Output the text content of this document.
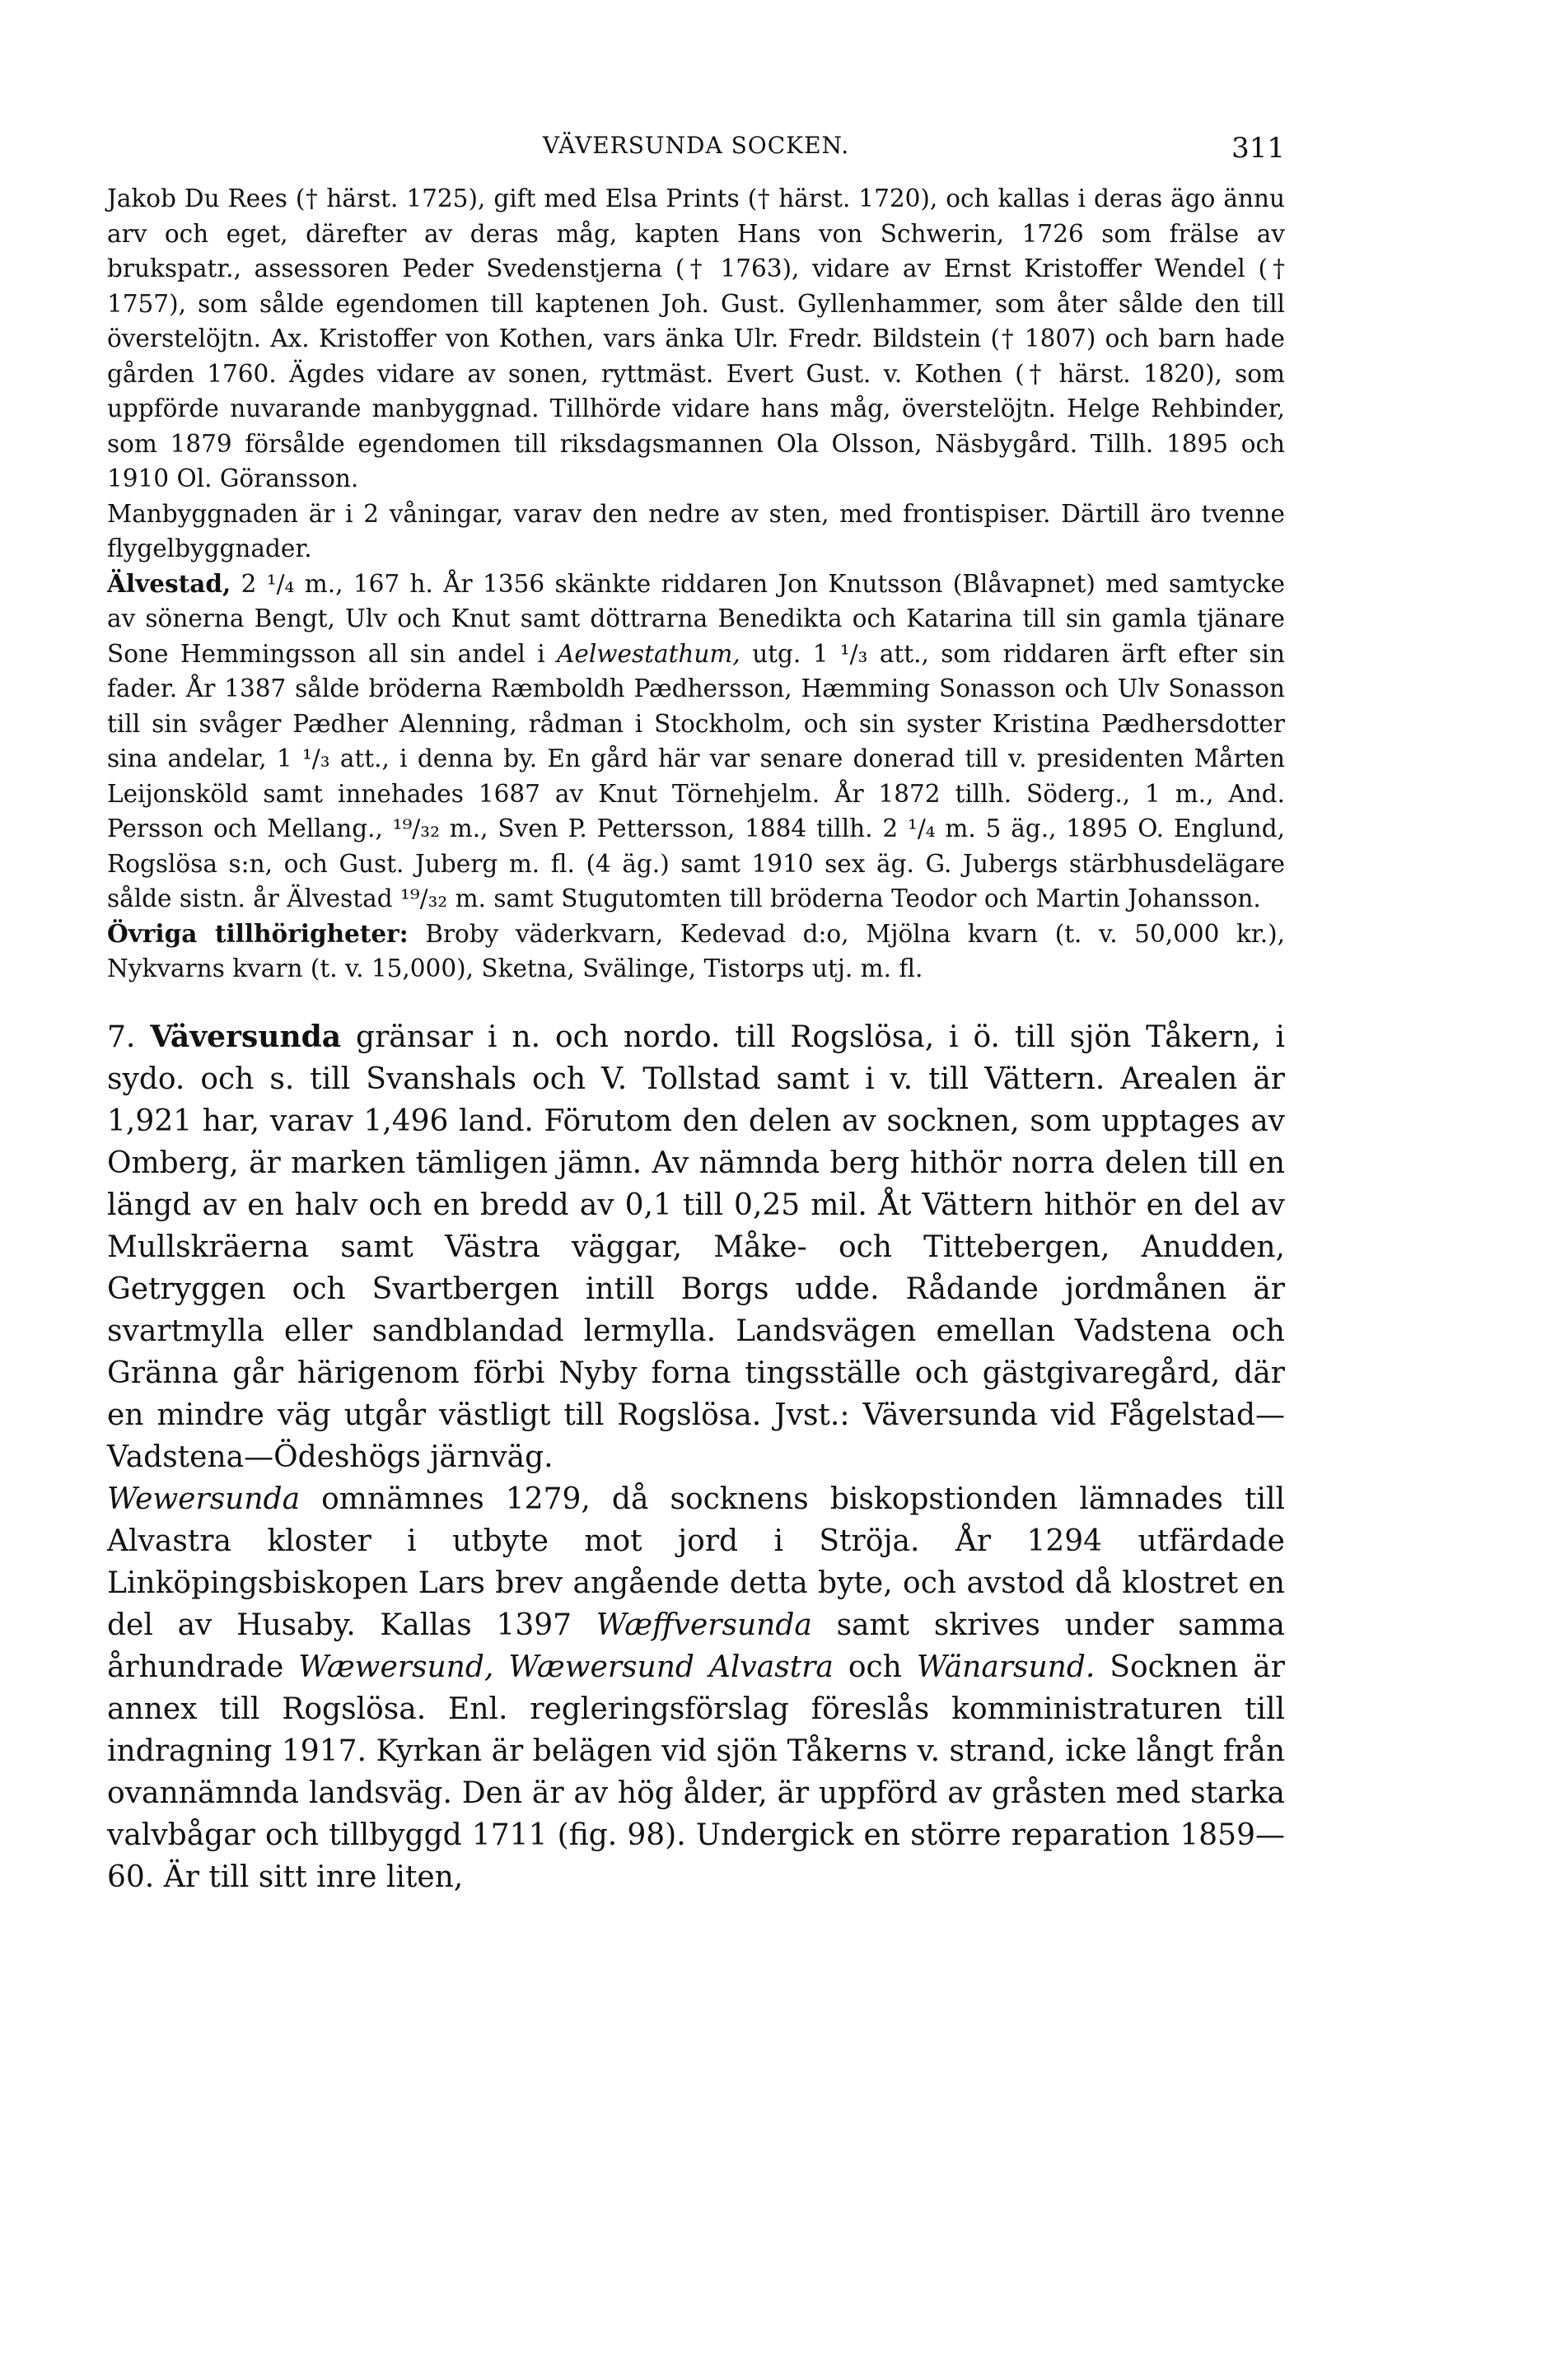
VÄVERSUNDA SOCKEN.	311

Jakob Du Rees († härst. 1725), gift med Elsa Prints († härst. 1720), och kallas i deras ägo ännu arv och eget, därefter av deras måg, kapten Hans von Schwerin, 1726 som frälse av brukspatr., assessoren Peder Svedenstjerna († 1763), vidare av Ernst Kristoffer Wendel († 1757), som sålde egendomen till kaptenen Joh. Gust. Gyllenhammer, som åter sålde den till överstelöjtn. Ax. Kristoffer von Kothen, vars änka Ulr. Fredr. Bildstein († 1807) och barn hade gården 1760. Ägdes vidare av sonen, ryttmäst. Evert Gust. v. Kothen († härst. 1820), som uppförde nuvarande manbyggnad. Tillhörde vidare hans måg, överstelöjtn. Helge Rehbinder, som 1879 försålde egendomen till riksdagsmannen Ola Olsson, Näsbygård. Tillh. 1895 och 1910 Ol. Göransson.

Manbyggnaden är i 2 våningar, varav den nedre av sten, med frontispiser. Därtill äro tvenne flygelbyggnader.

Älvestad, 2 ¹/₄ m., 167 h. År 1356 skänkte riddaren Jon Knutsson (Blåvapnet) med samtycke av sönerna Bengt, Ulv och Knut samt döttrarna Benedikta och Katarina till sin gamla tjänare Sone Hemmingsson all sin andel i Aelwestathum, utg. 1 ¹/₃ att., som riddaren ärft efter sin fader. År 1387 sålde bröderna Ræmboldh Pædhersson, Hæmming Sonasson och Ulv Sonasson till sin svåger Pædher Alenning, rådman i Stockholm, och sin syster Kristina Pædhersdotter sina andelar, 1 ¹/₃ att., i denna by. En gård här var senare donerad till v. presidenten Mårten Leijonsköld samt innehades 1687 av Knut Törnehjelm. År 1872 tillh. Söderg., 1 m., And. Persson och Mellang., ¹⁹/₃₂ m., Sven P. Pettersson, 1884 tillh. 2 ¹/₄ m. 5 äg., 1895 O. Englund, Rogslösa s:n, och Gust. Juberg m. fl. (4 äg.) samt 1910 sex äg. G. Jubergs stärbhusdelägare sålde sistn. år Älvestad ¹⁹/₃₂ m. samt Stugutomten till bröderna Teodor och Martin Johansson.

Övriga tillhörigheter: Broby väderkvarn, Kedevad d:o, Mjölna kvarn (t. v. 50,000 kr.), Nykvarns kvarn (t. v. 15,000), Sketna, Svälinge, Tistorps utj. m. fl.

7. Väversunda gränsar i n. och nordo. till Rogslösa, i ö. till sjön Tåkern, i sydo. och s. till Svanshals och V. Tollstad samt i v. till Vättern. Arealen är 1,921 har, varav 1,496 land. Förutom den delen av socknen, som upptages av Omberg, är marken tämligen jämn. Av nämnda berg hithör norra delen till en längd av en halv och en bredd av 0,1 till 0,25 mil. Åt Vättern hithör en del av Mullskräerna samt Västra väggar, Måke- och Tittebergen, Anudden, Getryggen och Svartbergen intill Borgs udde. Rådande jordmånen är svartmylla eller sandblandad lermylla. Landsvägen emellan Vadstena och Gränna går härigenom förbi Nyby forna tingsställe och gästgivaregård, där en mindre väg utgår västligt till Rogslösa. Jvst.: Väversunda vid Fågelstad—Vadstena—Ödeshögs järnväg.

Wewersunda omnämnes 1279, då socknens biskopstionden lämnades till Alvastra kloster i utbyte mot jord i Ströja. År 1294 utfärdade Linköpingsbiskopen Lars brev angående detta byte, och avstod då klostret en del av Husaby. Kallas 1397 Wæffversunda samt skrives under samma århundrade Wæwersund, Wæwersund Alvastra och Wänarsund. Socknen är annex till Rogslösa. Enl. regleringsförslag föreslås komministraturen till indragning 1917. Kyrkan är belägen vid sjön Tåkerns v. strand, icke långt från ovannämnda landsväg. Den är av hög ålder, är uppförd av gråsten med starka valvbågar och tillbyggd 1711 (fig. 98). Undergick en större reparation 1859—60. Är till sitt inre liten,
